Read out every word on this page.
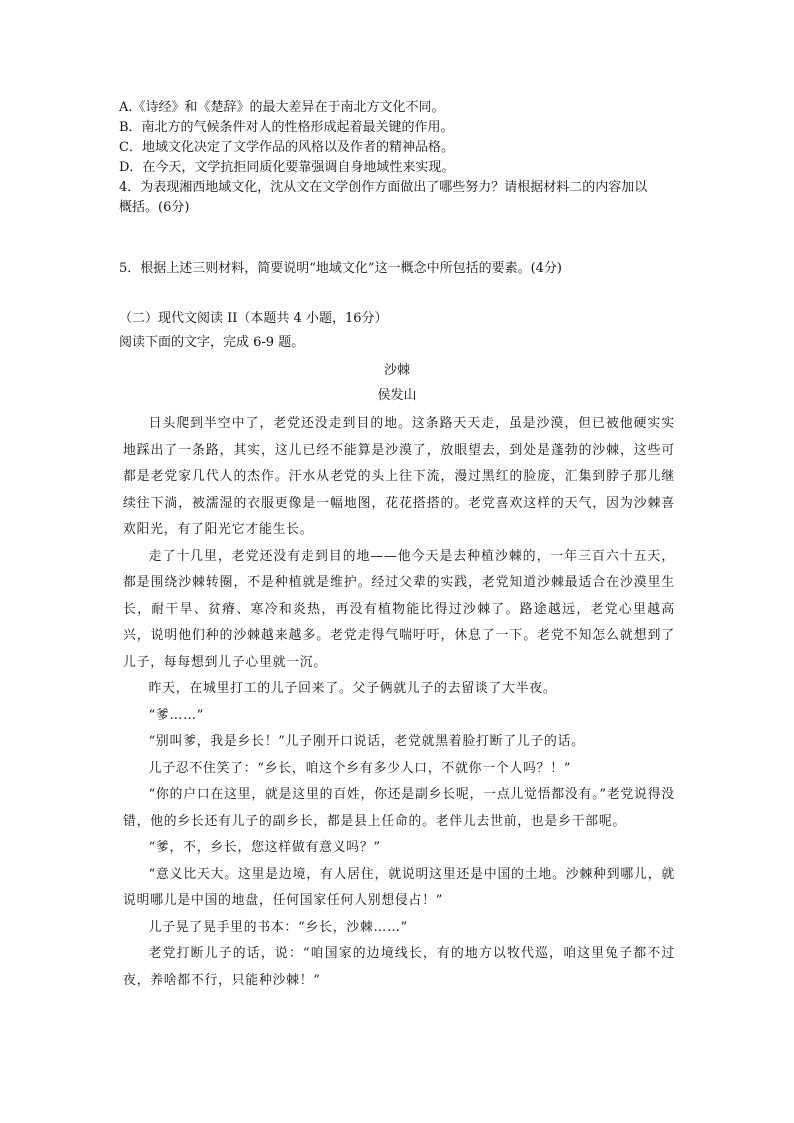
A.《诗经》和《楚辞》的最大差异在于南北方文化不同。
B．南北方的气候条件对人的性格形成起着最关键的作用。
C．地域文化决定了文学作品的风格以及作者的精神品格。
D．在今天，文学抗拒同质化要靠强调自身地域性来实现。
4．为表现湘西地域文化，沈从文在文学创作方面做出了哪些努力？请根据材料二的内容加以概括。(6分)
5．根据上述三则材料，简要说明“地域文化”这一概念中所包括的要素。(4分)
（二）现代文阅读 II（本题共 4 小题，16分）
阅读下面的文字，完成 6-9 题。
沙棘
侯发山

日头爬到半空中了，老党还没走到目的地。这条路天天走，虽是沙漠，但已被他硬实实地踩出了一条路，其实，这儿已经不能算是沙漠了，放眼望去，到处是蓬勃的沙棘，这些可都是老党家几代人的杰作。汗水从老党的头上往下流，漫过黑红的脸庞，汇集到脖子那儿继续往下淌，被濡湿的衣服更像是一幅地图，花花搭搭的。老党喜欢这样的天气，因为沙棘喜欢阳光，有了阳光它才能生长。

走了十几里，老党还没有走到目的地——他今天是去种植沙棘的，一年三百六十五天，都是围绕沙棘转圈，不是种植就是维护。经过父辈的实践，老党知道沙棘最适合在沙漠里生长，耐干旱、贫瘠、寒冷和炎热，再没有植物能比得过沙棘了。路途越远，老党心里越高兴，说明他们种的沙棘越来越多。老党走得气喘吁吁，休息了一下。老党不知怎么就想到了儿子，每每想到儿子心里就一沉。

昨天，在城里打工的儿子回来了。父子俩就儿子的去留谈了大半夜。

“爹……”

“别叫爹，我是乡长！”儿子刚开口说话，老党就黑着脸打断了儿子的话。

儿子忍不住笑了：“乡长，咱这个乡有多少人口，不就你一个人吗？！”

“你的户口在这里，就是这里的百姓，你还是副乡长呢，一点儿觉悟都没有。”老党说得没错，他的乡长还有儿子的副乡长，都是县上任命的。老伴儿去世前，也是乡干部呢。

“爹，不，乡长，您这样做有意义吗？”

“意义比天大。这里是边境，有人居住，就说明这里还是中国的土地。沙棘种到哪儿，就说明哪儿是中国的地盘，任何国家任何人别想侵占！”

儿子晃了晃手里的书本：“乡长，沙棘……”

老党打断儿子的话，说：“咱国家的边境线长，有的地方以牧代巡，咱这里兔子都不过夜，养啥都不行，只能种沙棘！”
